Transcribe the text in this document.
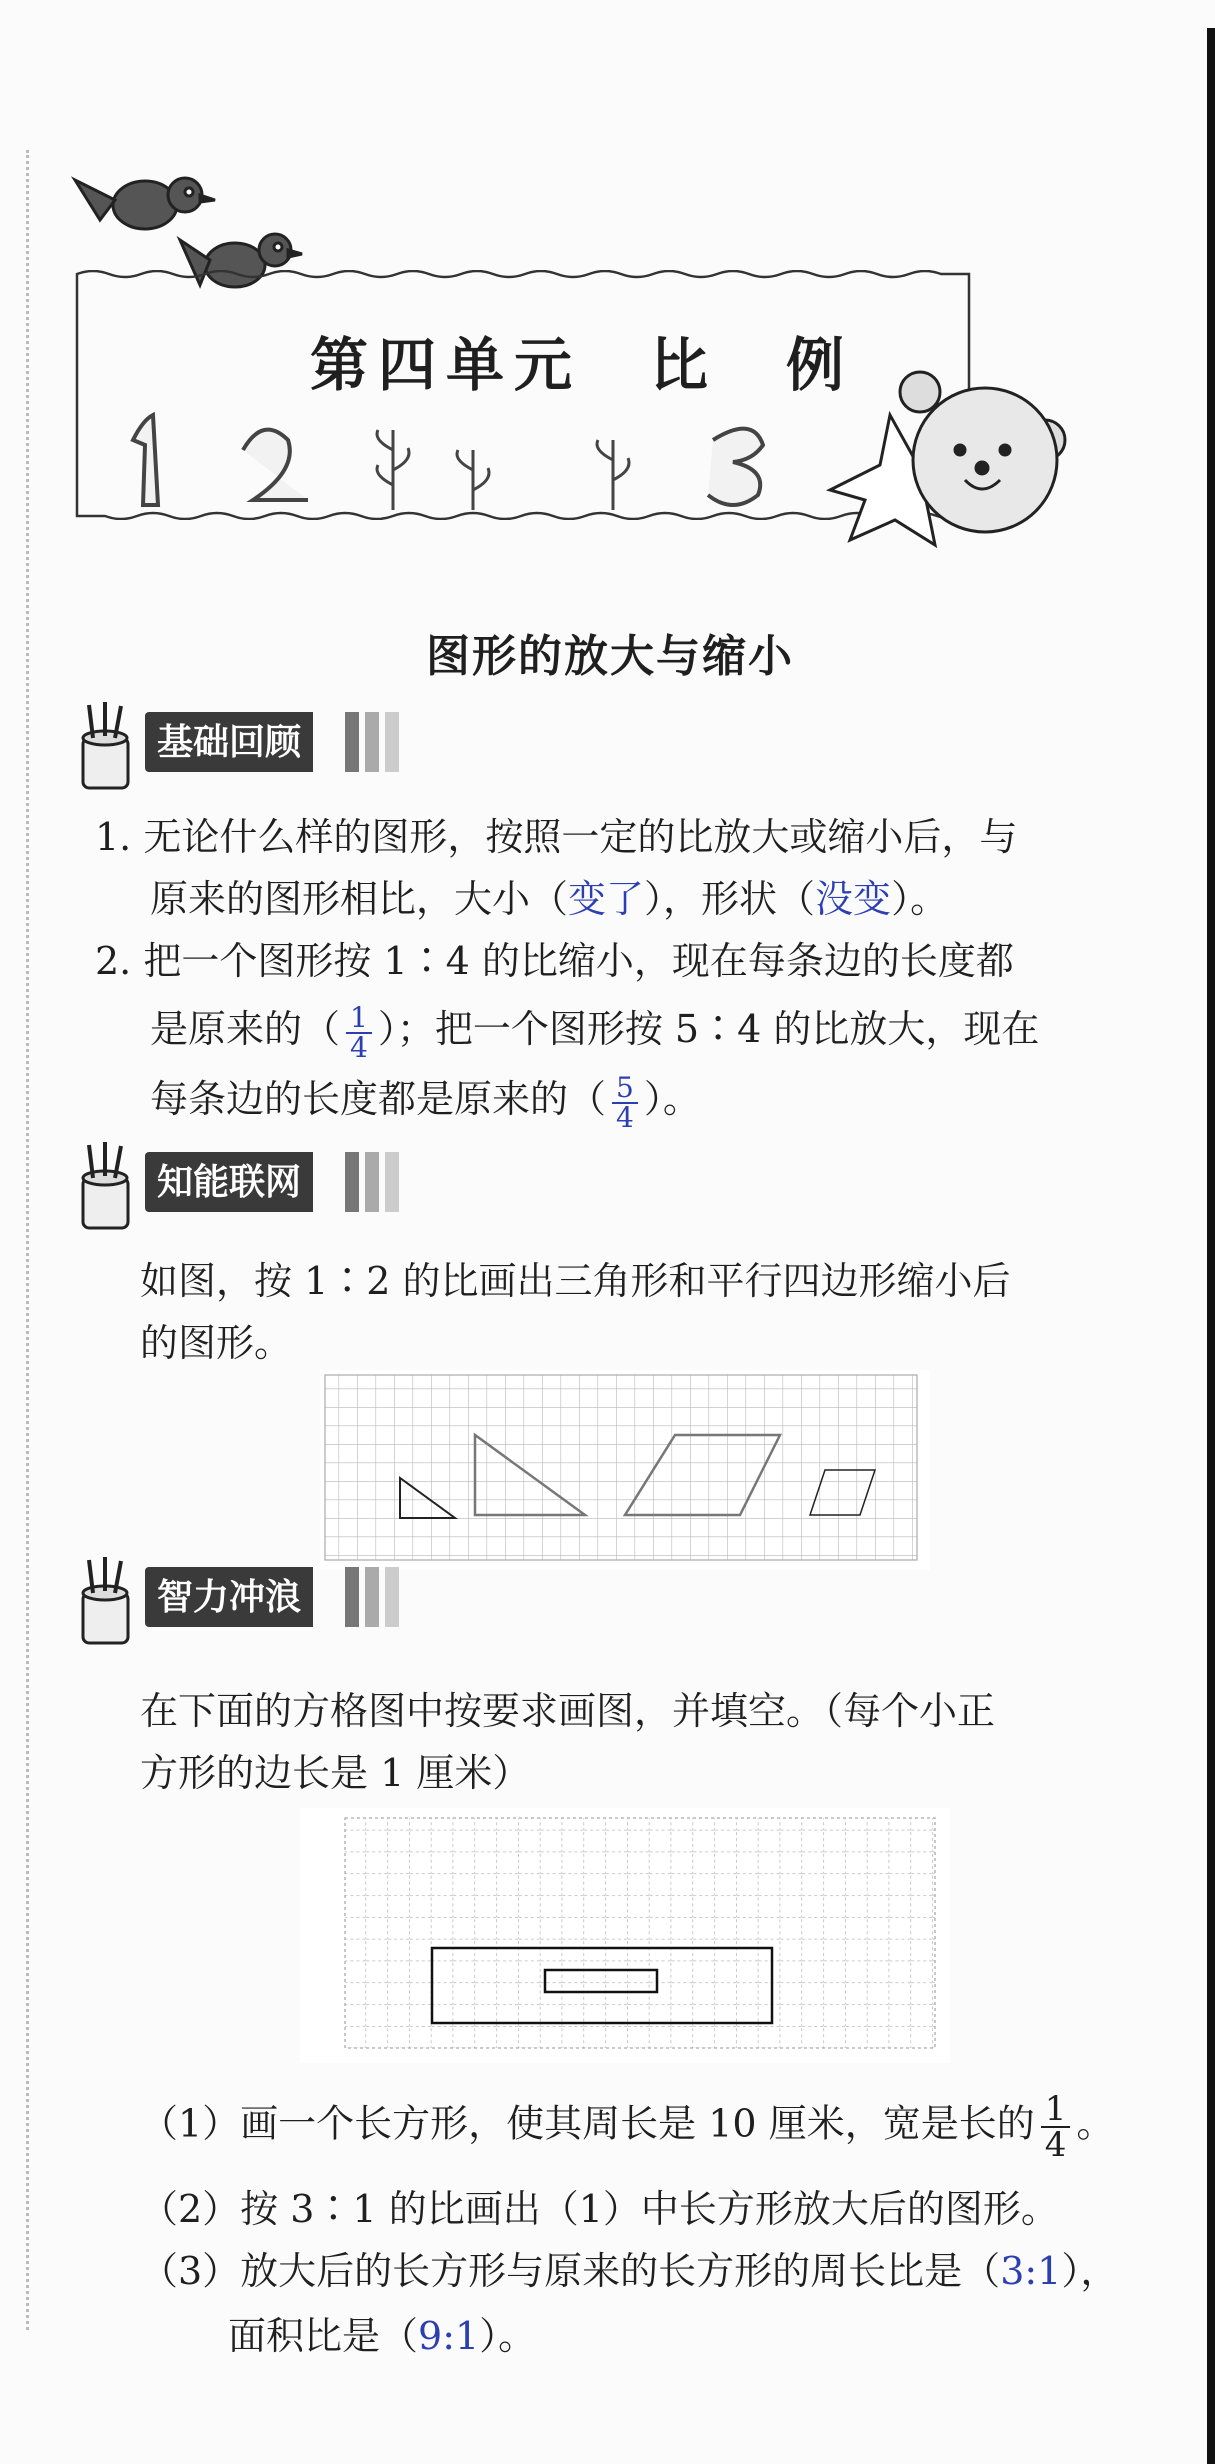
第四单元　比　例
图形的放大与缩小
基础回顾
1. 无论什么样的图形，按照一定的比放大或缩小后，与
原来的图形相比，大小（变了），形状（没变）。
2. 把一个图形按 1∶4 的比缩小，现在每条边的长度都
是原来的（ $\frac{1}{4}$ ）；把一个图形按 5∶4 的比放大，现在
每条边的长度都是原来的（ $\frac{5}{4}$ ）。
知能联网
如图，按 1∶2 的比画出三角形和平行四边形缩小后
的图形。
智力冲浪
在下面的方格图中按要求画图，并填空。（每个小正
方形的边长是 1 厘米）
（1）画一个长方形，使其周长是 10 厘米，宽是长的 $\frac{1}{4}$ 。
（2）按 3∶1 的比画出（1）中长方形放大后的图形。
（3）放大后的长方形与原来的长方形的周长比是（3:1），
面积比是（9:1）。
